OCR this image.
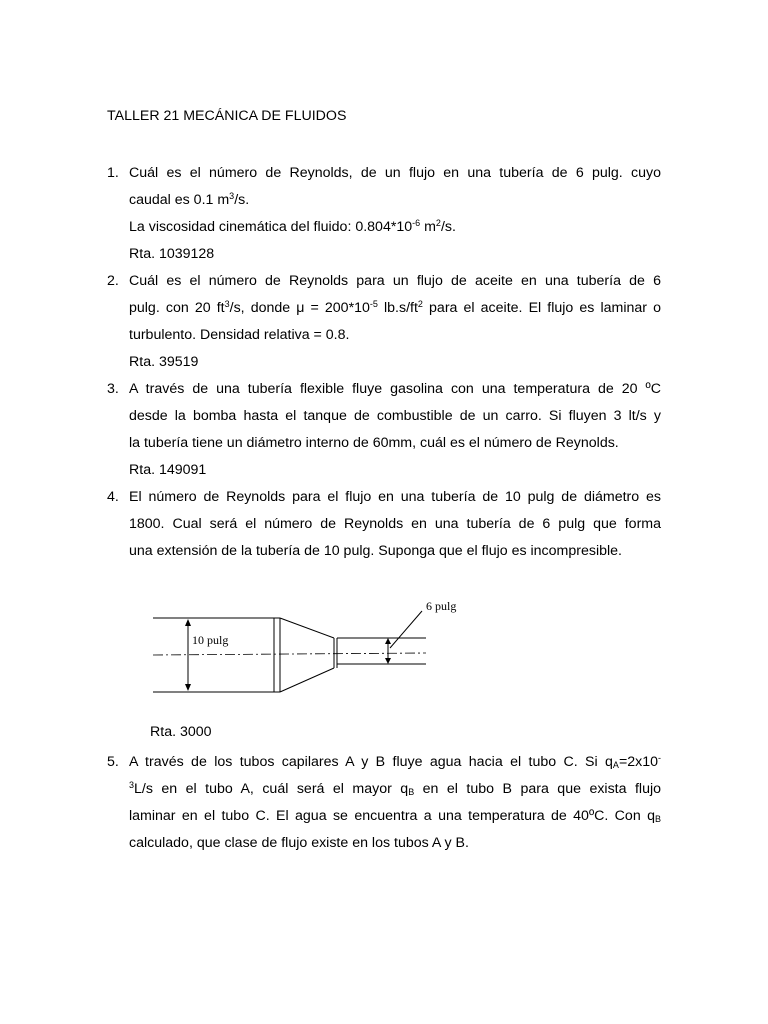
TALLER 21 MECÁNICA DE FLUIDOS
1. Cuál es el número de Reynolds, de un flujo en una tubería de 6 pulg. cuyo
caudal es 0.1 $m^3/s$.
La viscosidad cinemática del fluido: $0.804*10^{-6}$ $m^2/s$.
Rta. 1039128
2. Cuál es el número de Reynolds para un flujo de aceite en una tubería de 6
pulg. con 20 $ft^3/s$, donde $\mu = 200*10^{-5}$ $lb.s/ft^2$ para el aceite. El flujo es laminar o
turbulento. Densidad relativa = 0.8.
Rta. 39519
3. A través de una tubería flexible fluye gasolina con una temperatura de 20 ºC
desde la bomba hasta el tanque de combustible de un carro. Si fluyen 3 lt/s y
la tubería tiene un diámetro interno de 60mm, cuál es el número de Reynolds.
Rta. 149091
4. El número de Reynolds para el flujo en una tubería de 10 pulg de diámetro es
1800. Cual será el número de Reynolds en una tubería de 6 pulg que forma
una extensión de la tubería de 10 pulg. Suponga que el flujo es incompresible.
10 pulg
6 pulg
Rta. 3000
5. A través de los tubos capilares A y B fluye agua hacia el tubo C. Si $q_A=2x10^-$
$^3$L/s en el tubo A, cuál será el mayor $q_B$ en el tubo B para que exista flujo
laminar en el tubo C. El agua se encuentra a una temperatura de 40ºC. Con $q_B$
calculado, que clase de flujo existe en los tubos A y B.
